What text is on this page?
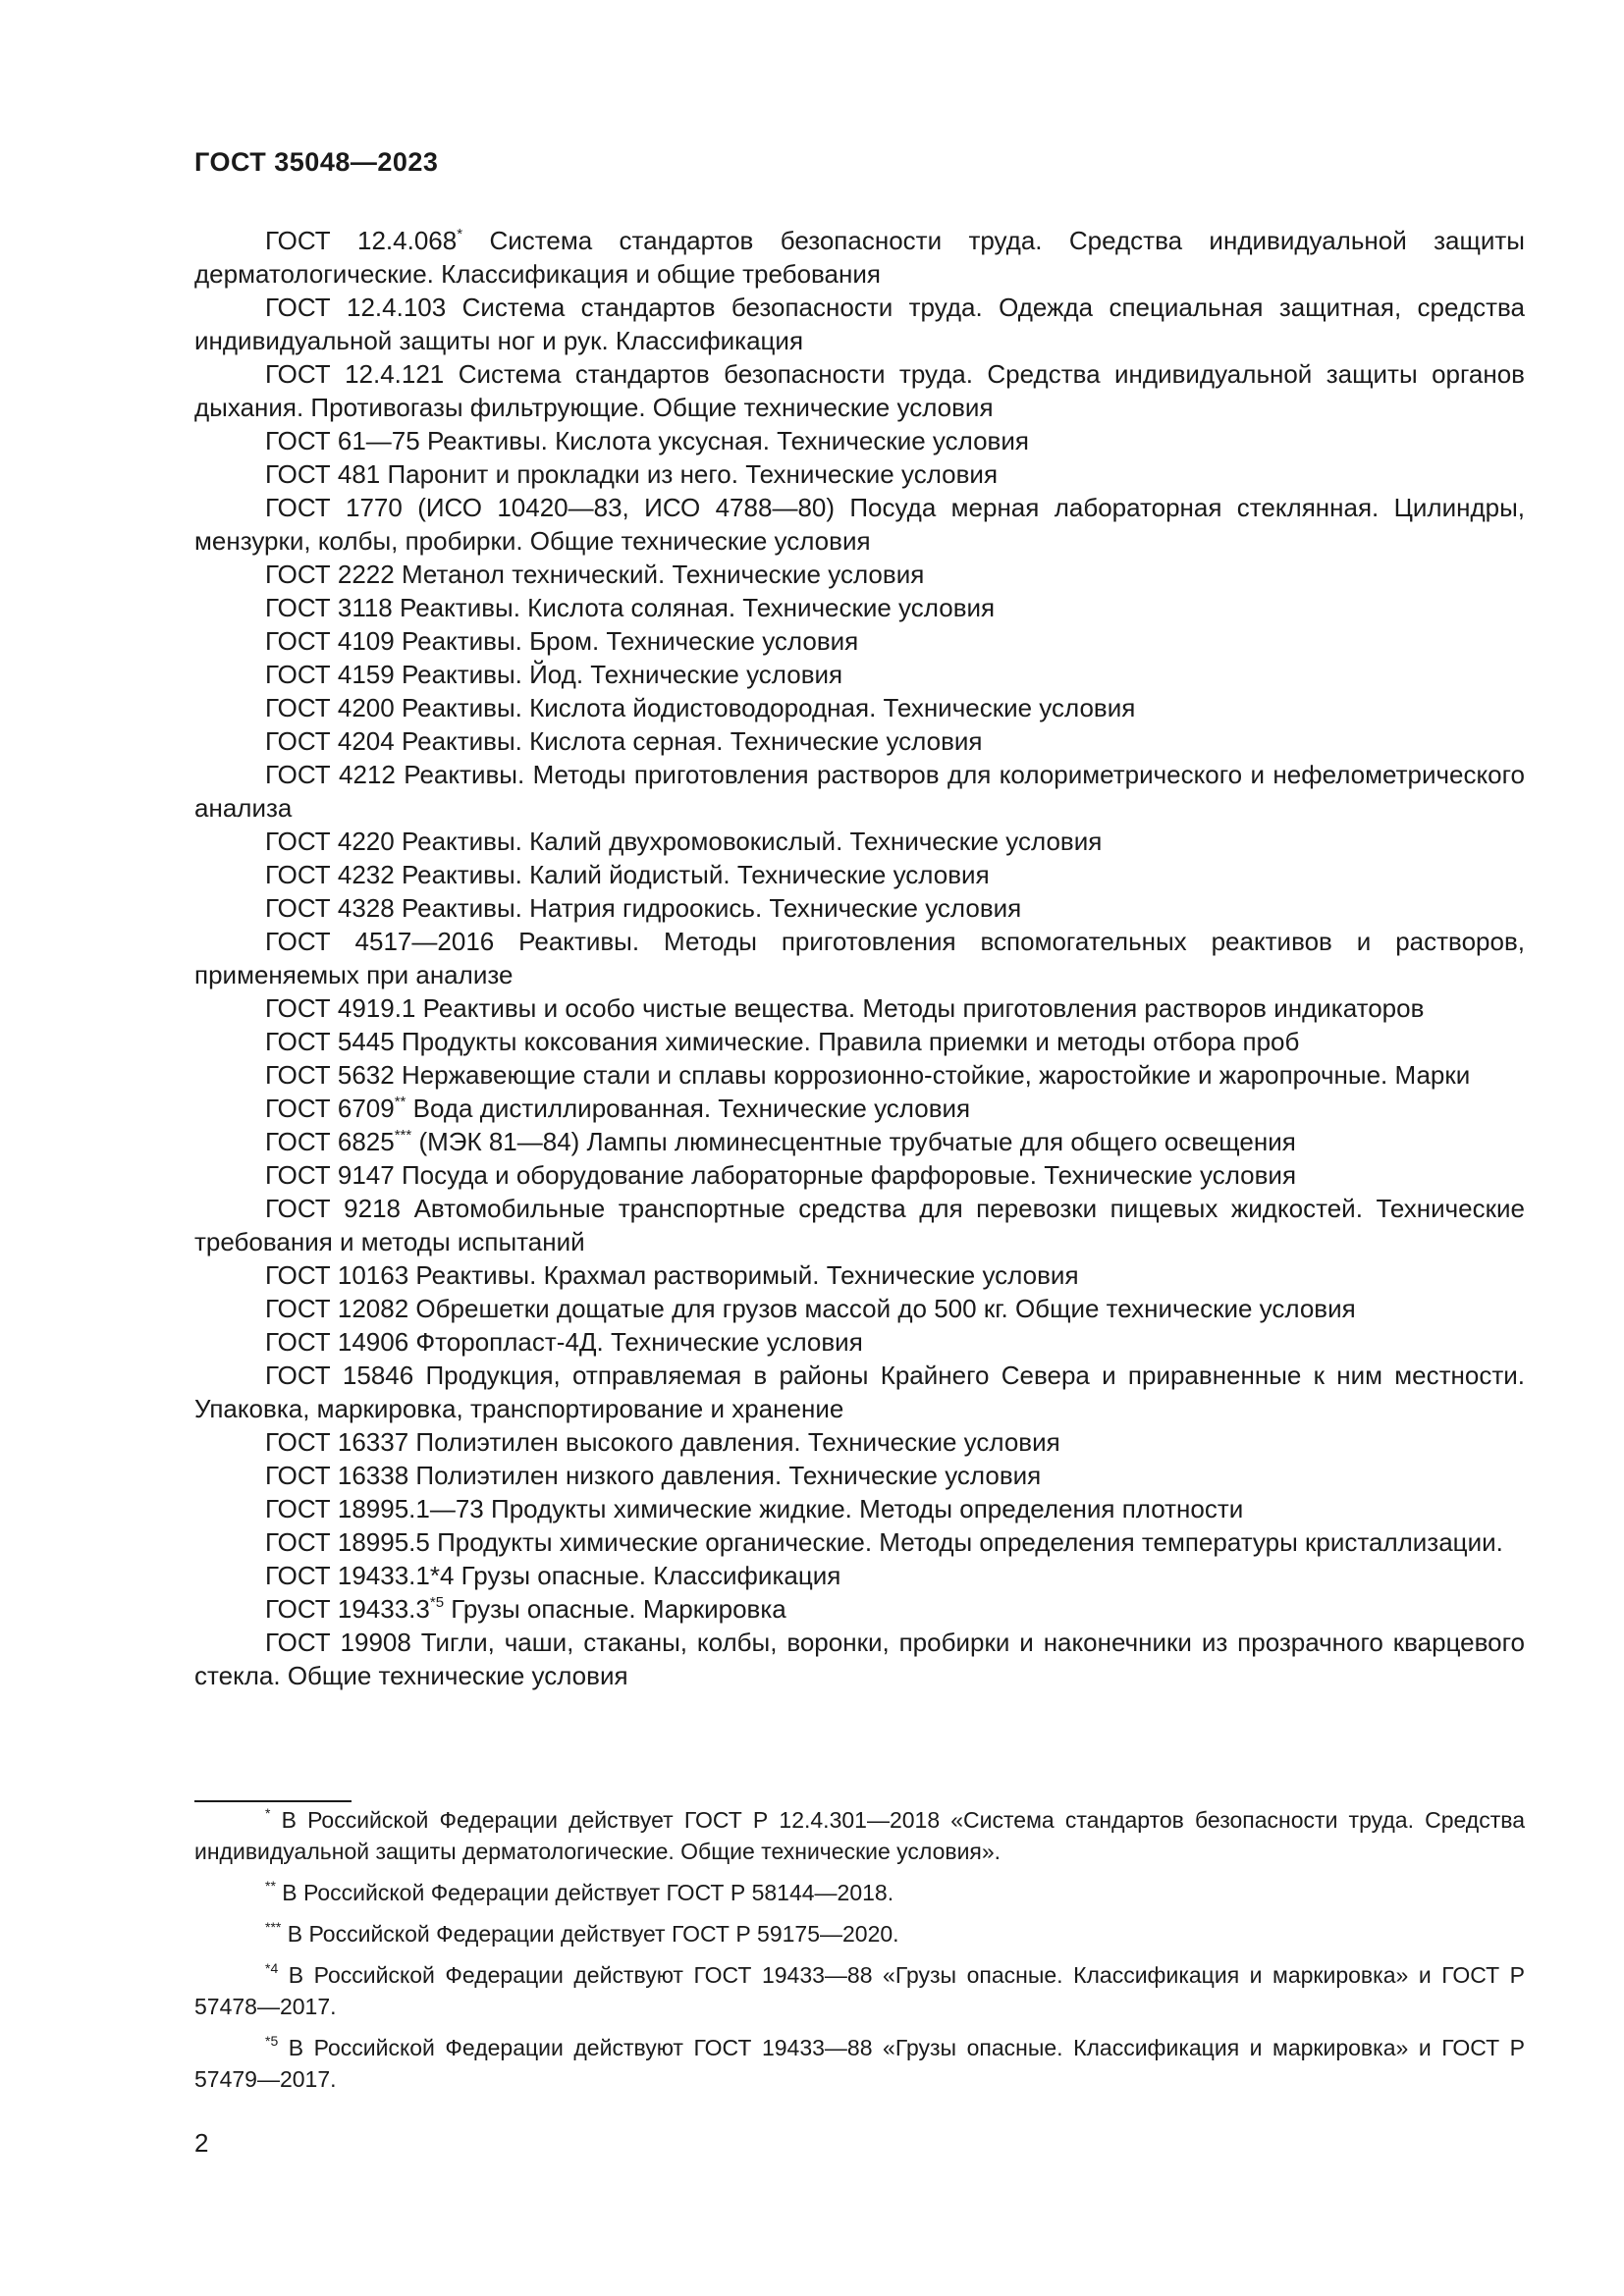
ГОСТ 35048—2023

ГОСТ 12.4.068* Система стандартов безопасности труда. Средства индивидуальной защиты дерматологические. Классификация и общие требования

ГОСТ 12.4.103 Система стандартов безопасности труда. Одежда специальная защитная, средства индивидуальной защиты ног и рук. Классификация

ГОСТ 12.4.121 Система стандартов безопасности труда. Средства индивидуальной защиты органов дыхания. Противогазы фильтрующие. Общие технические условия

ГОСТ 61—75 Реактивы. Кислота уксусная. Технические условия

ГОСТ 481 Паронит и прокладки из него. Технические условия

ГОСТ 1770 (ИСО 10420—83, ИСО 4788—80) Посуда мерная лабораторная стеклянная. Цилиндры, мензурки, колбы, пробирки. Общие технические условия

ГОСТ 2222 Метанол технический. Технические условия

ГОСТ 3118 Реактивы. Кислота соляная. Технические условия

ГОСТ 4109 Реактивы. Бром. Технические условия

ГОСТ 4159 Реактивы. Йод. Технические условия

ГОСТ 4200 Реактивы. Кислота йодистоводородная. Технические условия

ГОСТ 4204 Реактивы. Кислота серная. Технические условия

ГОСТ 4212 Реактивы. Методы приготовления растворов для колориметрического и нефелометрического анализа

ГОСТ 4220 Реактивы. Калий двухромовокислый. Технические условия

ГОСТ 4232 Реактивы. Калий йодистый. Технические условия

ГОСТ 4328 Реактивы. Натрия гидроокись. Технические условия

ГОСТ 4517—2016 Реактивы. Методы приготовления вспомогательных реактивов и растворов, применяемых при анализе

ГОСТ 4919.1 Реактивы и особо чистые вещества. Методы приготовления растворов индикаторов

ГОСТ 5445 Продукты коксования химические. Правила приемки и методы отбора проб

ГОСТ 5632 Нержавеющие стали и сплавы коррозионно-стойкие, жаростойкие и жаропрочные. Марки

ГОСТ 6709** Вода дистиллированная. Технические условия

ГОСТ 6825*** (МЭК 81—84) Лампы люминесцентные трубчатые для общего освещения

ГОСТ 9147 Посуда и оборудование лабораторные фарфоровые. Технические условия

ГОСТ 9218 Автомобильные транспортные средства для перевозки пищевых жидкостей. Технические требования и методы испытаний

ГОСТ 10163 Реактивы. Крахмал растворимый. Технические условия

ГОСТ 12082 Обрешетки дощатые для грузов массой до 500 кг. Общие технические условия

ГОСТ 14906 Фторопласт-4Д. Технические условия

ГОСТ 15846 Продукция, отправляемая в районы Крайнего Севера и приравненные к ним местности. Упаковка, маркировка, транспортирование и хранение

ГОСТ 16337 Полиэтилен высокого давления. Технические условия

ГОСТ 16338 Полиэтилен низкого давления. Технические условия

ГОСТ 18995.1—73 Продукты химические жидкие. Методы определения плотности

ГОСТ 18995.5 Продукты химические органические. Методы определения температуры кристаллизации.

ГОСТ 19433.1*4 Грузы опасные. Классификация

ГОСТ 19433.3$^{*5}$ Грузы опасные. Маркировка

ГОСТ 19908 Тигли, чаши, стаканы, колбы, воронки, пробирки и наконечники из прозрачного кварцевого стекла. Общие технические условия

* В Российской Федерации действует ГОСТ Р 12.4.301—2018 «Система стандартов безопасности труда. Средства индивидуальной защиты дерматологические. Общие технические условия».

** В Российской Федерации действует ГОСТ Р 58144—2018.

*** В Российской Федерации действует ГОСТ Р 59175—2020.

$^{*4}$ В Российской Федерации действуют ГОСТ 19433—88 «Грузы опасные. Классификация и маркировка» и ГОСТ Р 57478—2017.

$^{*5}$ В Российской Федерации действуют ГОСТ 19433—88 «Грузы опасные. Классификация и маркировка» и ГОСТ Р 57479—2017.

2
